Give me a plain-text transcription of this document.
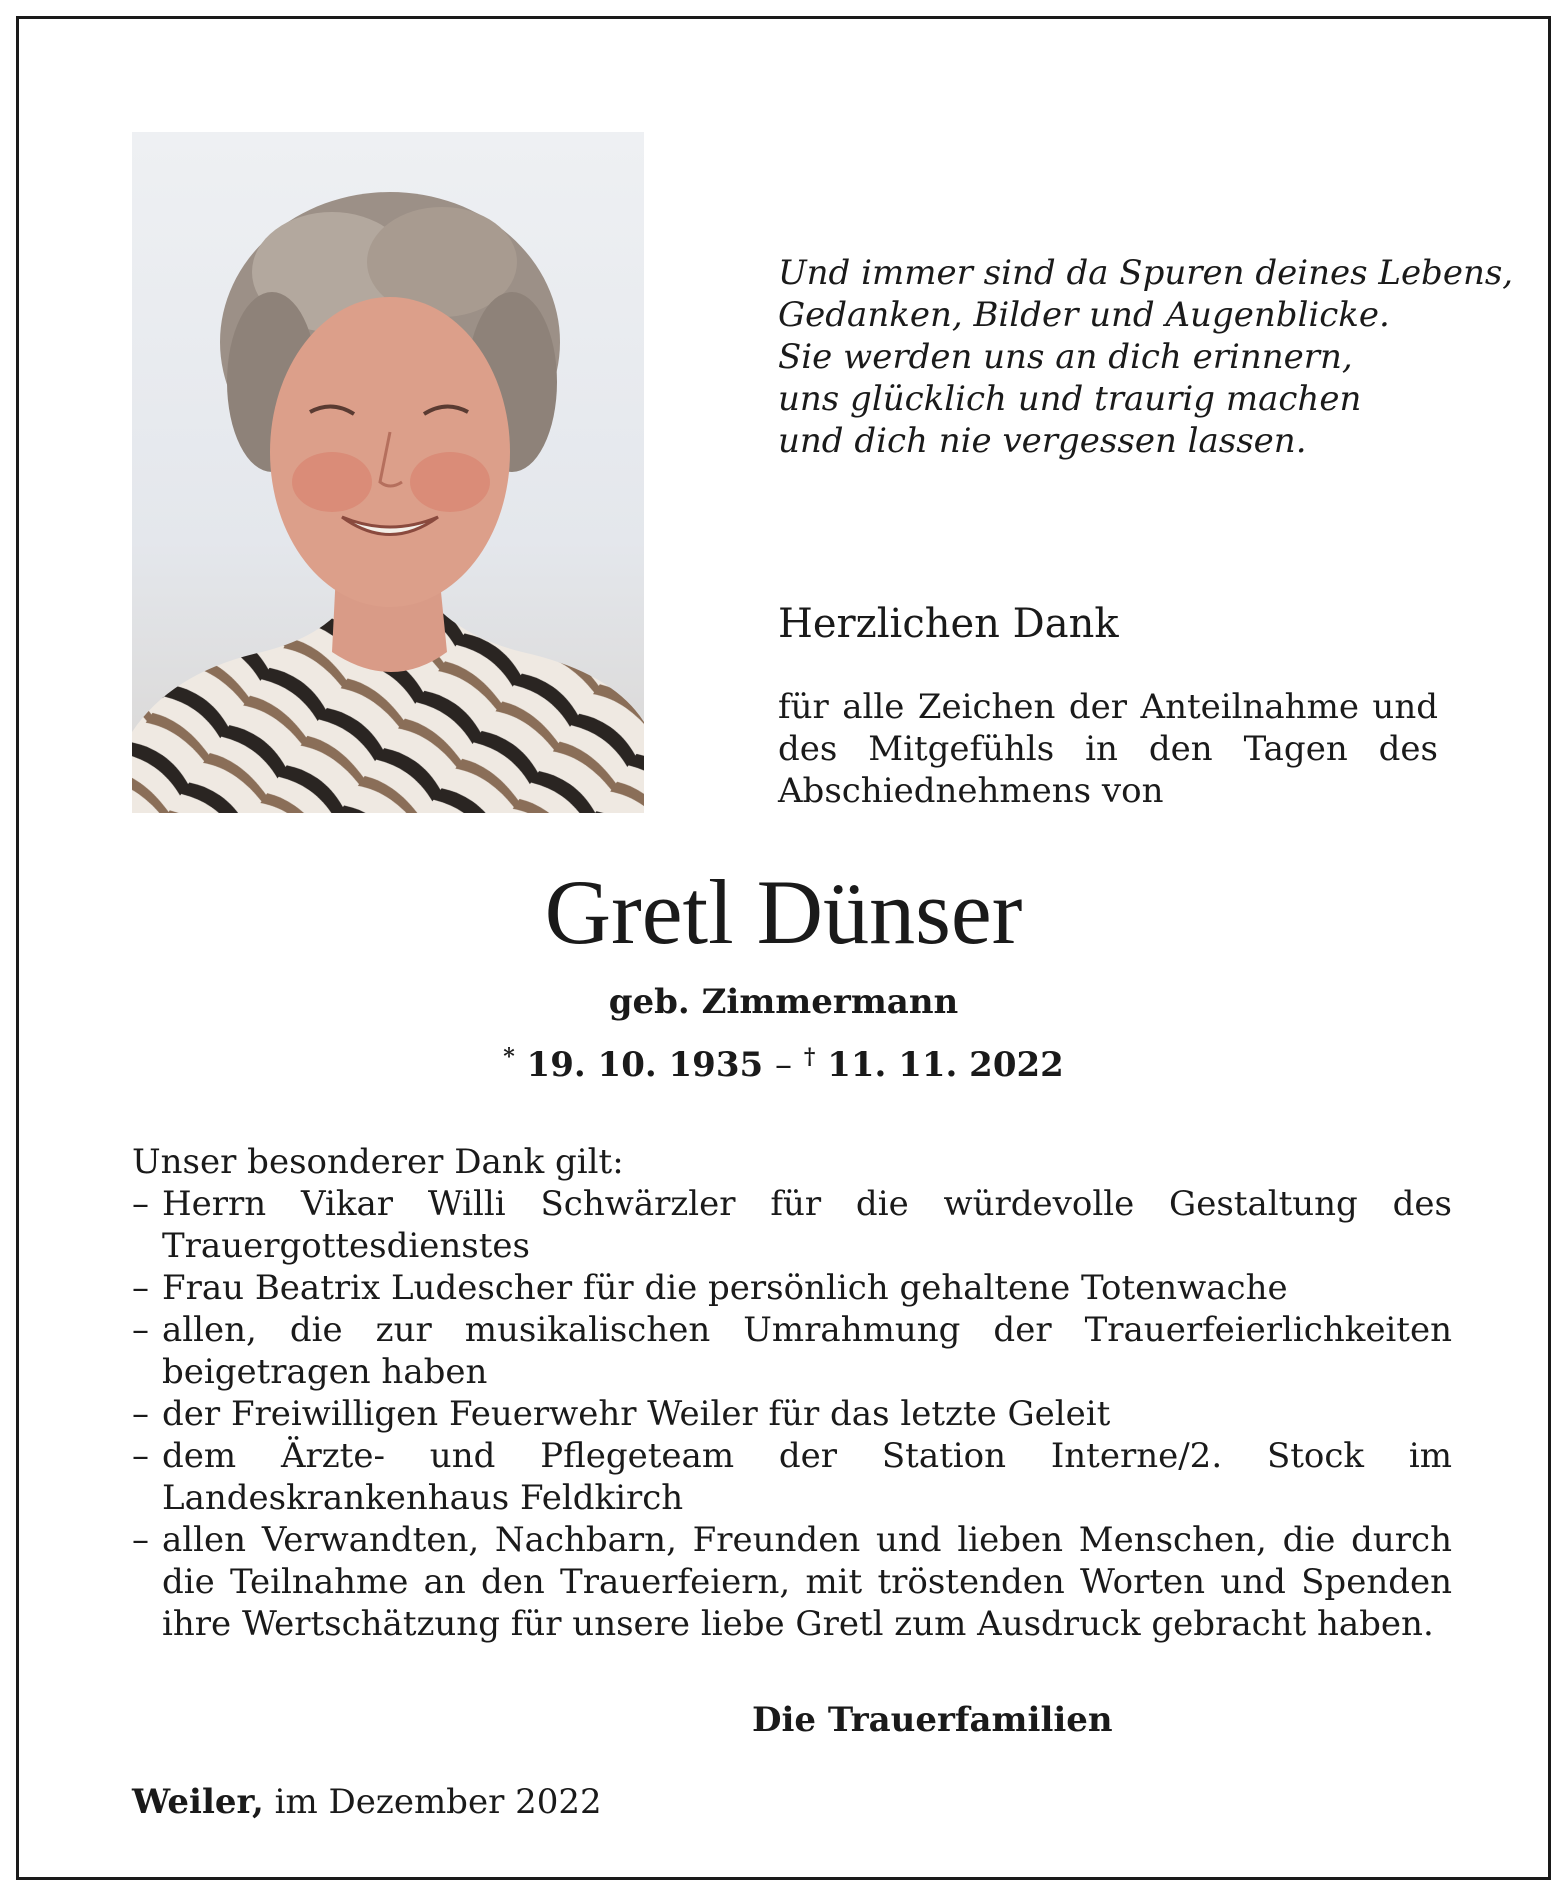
Und immer sind da Spuren deines Lebens,
Gedanken, Bilder und Augenblicke.
Sie werden uns an dich erinnern,
uns glücklich und traurig machen
und dich nie vergessen lassen.
Herzlichen Dank
für alle Zeichen der Anteilnahme und des Mitgefühls in den Tagen des Abschiednehmens von
Gretl Dünser
geb. Zimmermann
* 19. 10. 1935 – † 11. 11. 2022
Unser besonderer Dank gilt:
– Herrn Vikar Willi Schwärzler für die würdevolle Gestaltung des Trauergottesdienstes
– Frau Beatrix Ludescher für die persönlich gehaltene Totenwache
– allen, die zur musikalischen Umrahmung der Trauerfeierlichkeiten beigetragen haben
– der Freiwilligen Feuerwehr Weiler für das letzte Geleit
– dem Ärzte- und Pflegeteam der Station Interne/2. Stock im Landeskrankenhaus Feldkirch
– allen Verwandten, Nachbarn, Freunden und lieben Menschen, die durch die Teilnahme an den Trauerfeiern, mit tröstenden Worten und Spenden ihre Wertschätzung für unsere liebe Gretl zum Ausdruck gebracht haben.
Die Trauerfamilien
Weiler, im Dezember 2022
